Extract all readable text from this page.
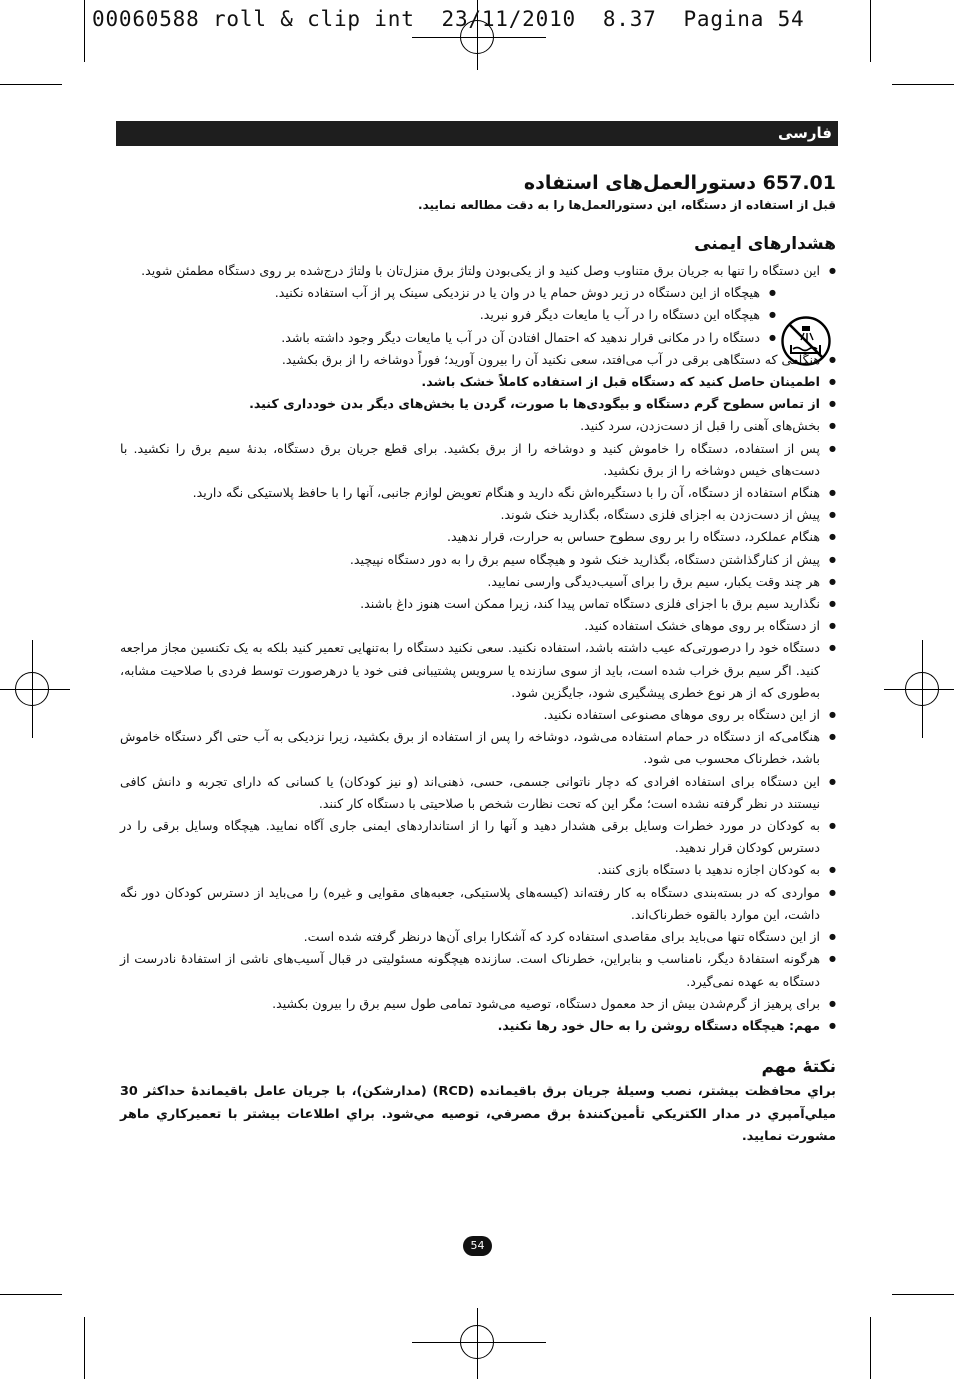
00060588 roll & clip int  23/11/2010  8.37  Pagina 54
فارسی

657.01 دستورالعمل‌های استفاده

قبل از استفاده از دستگاه، این دستورالعمل‌ها را به دقت مطالعه نمایید.

هشدارهای ایمنی

● این دستگاه را تنها به جریان برق متناوب وصل کنید و از یکی‌بودن ولتاژ برق منزل‌تان با ولتاژ درج‌شده بر روی دستگاه مطمئن شوید.
● هیچگاه از این دستگاه در زیر دوش حمام یا در وان یا در نزدیکی سینک پر از آب استفاده نکنید.
● هیچگاه این دستگاه را در آب یا مایعات دیگر فرو نبرید.
● دستگاه را در مکانی قرار ندهید که احتمال افتادن آن در آب یا مایعات دیگر وجود داشته باشد.
● هنگامی که دستگاهی برقی در آب می‌افتد، سعی نکنید آن را بیرون آورید؛ فوراً دوشاخه را از برق بکشید.
● اطمینان حاصل کنید که دستگاه قبل از استفاده کاملاً خشک باشد.
● از تماس سطوح گرم دستگاه و بیگودی‌ها با صورت، گردن یا بخش‌های دیگر بدن خودداری کنید.
● بخش‌های آهنی را قبل از دست‌زدن، سرد کنید.
● پس از استفاده، دستگاه را خاموش کنید و دوشاخه را از برق بکشید. برای قطع جریان برق دستگاه، بدنهٔ سیم برق را نکشید. با دست‌های خیس دوشاخه را از برق نکشید.
● هنگام استفاده از دستگاه، آن را با دستگیره‌اش نگه دارید و هنگام تعویض لوازم جانبی، آنها را با حافظ پلاستیکی نگه دارید.
● پیش از دست‌زدن به اجزای فلزی دستگاه، بگذارید خنک شوند.
● هنگام عملکرد، دستگاه را بر روی سطوح حساس به حرارت، قرار ندهید.
● پیش از کنارگذاشتن دستگاه، بگذارید خنک شود و هیچگاه سیم برق را به دور دستگاه نپیچید.
● هر چند وقت یکبار، سیم برق را برای آسیب‌دیدگی وارسی نمایید.
● نگذارید سیم برق با اجزای فلزی دستگاه تماس پیدا کند، زیرا ممکن است هنوز داغ باشند.
● از دستگاه بر روی موهای خشک استفاده کنید.
● دستگاه خود را درصورتی‌که عیب داشته باشد، استفاده نکنید. سعی نکنید دستگاه را به‌تنهایی تعمیر کنید بلکه به یک تکنسین مجاز مراجعه کنید. اگر سیم برق خراب شده است، باید از سوی سازنده یا سرویس پشتیبانی فنی خود یا درهرصورت توسط فردی با صلاحیت مشابه، به‌طوری که از هر نوع خطری پیشگیری شود، جایگزین شود.
● از این دستگاه بر روی موهای مصنوعی استفاده نکنید.
● هنگامی‌که از دستگاه در حمام استفاده می‌شود، دوشاخه را پس از استفاده از برق بکشید، زیرا نزدیکی به آب حتی اگر دستگاه خاموش باشد، خطرناک محسوب می شود.
● این دستگاه برای استفاده افرادی که دچار ناتوانی جسمی، حسی، ذهنی‌اند (و نیز کودکان) یا کسانی که دارای تجربه و دانش کافی نیستند در نظر گرفته نشده است؛ مگر این که تحت نظارت شخص با صلاحیتی با دستگاه کار کنند.
● به کودکان در مورد خطرات وسایل برقی هشدار دهید و آنها را از استانداردهای ایمنی جاری آگاه نمایید. هیچگاه وسایل برقی را در دسترس کودکان قرار ندهید.
● به کودکان اجازه ندهید با دستگاه بازی کنند.
● مواردی که در بسته‌بندی دستگاه به کار رفته‌اند (کیسه‌های پلاستیکی، جعبه‌های مقوایی و غیره) را می‌باید از دسترس کودکان دور نگه داشت، این موارد بالقوه خطرناک‌اند.
● از این دستگاه تنها می‌باید برای مقاصدی استفاده کرد که آشکارا برای آن‌ها درنظر گرفته شده است.
● هرگونه استفادهٔ دیگر، نامناسب و بنابراین، خطرناک است. سازنده هیچگونه مسئولیتی در قبال آسیب‌های ناشی از استفادهٔ نادرست از دستگاه به عهده نمی‌گیرد.
● برای پرهیز از گرم‌شدن بیش از حد معمول دستگاه، توصیه می‌شود تمامی طول سیم برق را بیرون بکشید.
● مهم: هیچگاه دستگاه روشن را به حال خود رها نکنید.

نکتهٔ مهم

براي محافظت بيشتر، نصب وسيلهٔ جريان برق باقيمانده (RCD) (مدارشکن)، با جريان عامل باقيماندهٔ حداکثر 30 ميلي‌آمپري در مدار الکتريکي تأمين‌کنندهٔ برق مصرفي، توصيه مي‌شود. براي اطلاعات بيشتر با تعميرکاري ماهر مشورت نماييد.

54
